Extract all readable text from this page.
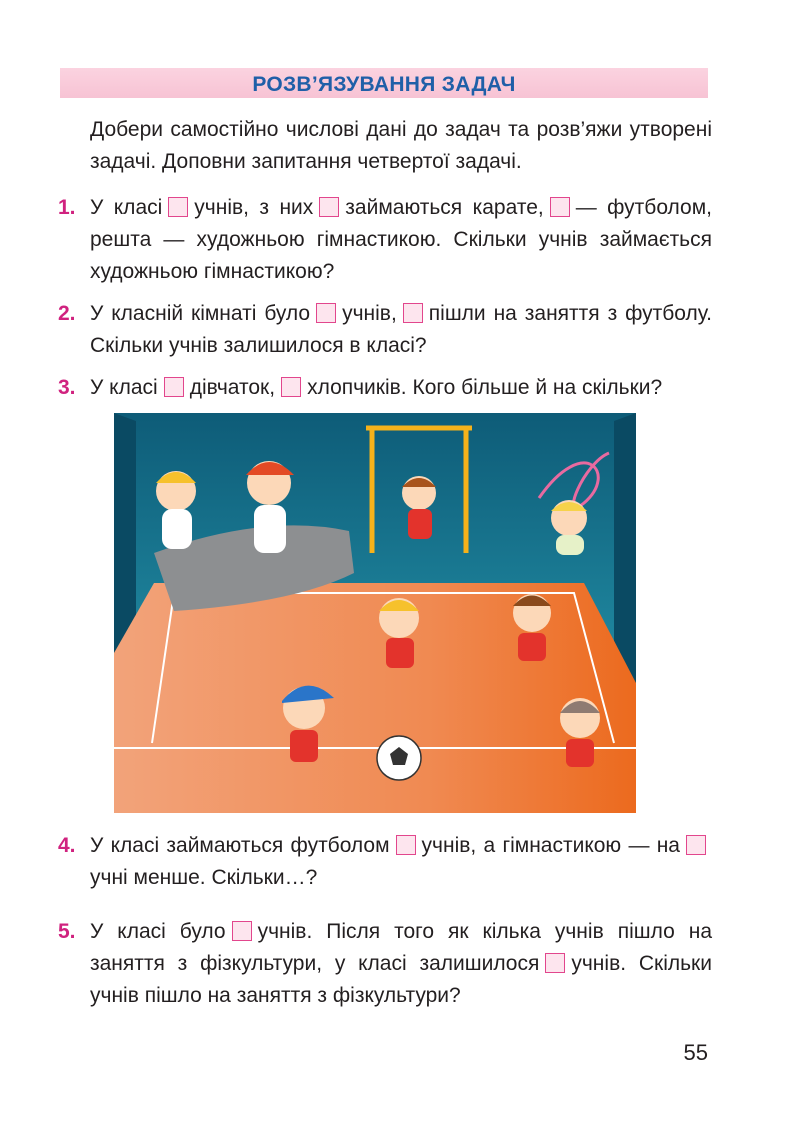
РОЗВ’ЯЗУВАННЯ ЗАДАЧ
Добери самостійно числові дані до задач та розв’яжи утворені задачі. Доповни запитання четвертої задачі.
1. У класі учнів, з них займаються карате, — футболом, решта — художньою гімнастикою. Скільки учнів займається художньою гімнастикою?
2. У класній кімнаті було учнів, пішли на заняття з футболу. Скільки учнів залишилося в класі?
3. У класі дівчаток, хлопчиків. Кого більше й на скільки?
4. У класі займаються футболом учнів, а гімнастикою — научні менше. Скільки…?
5. У класі було учнів. Після того як кілька учнів пішло на заняття з фізкультури, у класі залишилося учнів. Скільки учнів пішло на заняття з фізкультури?
55
